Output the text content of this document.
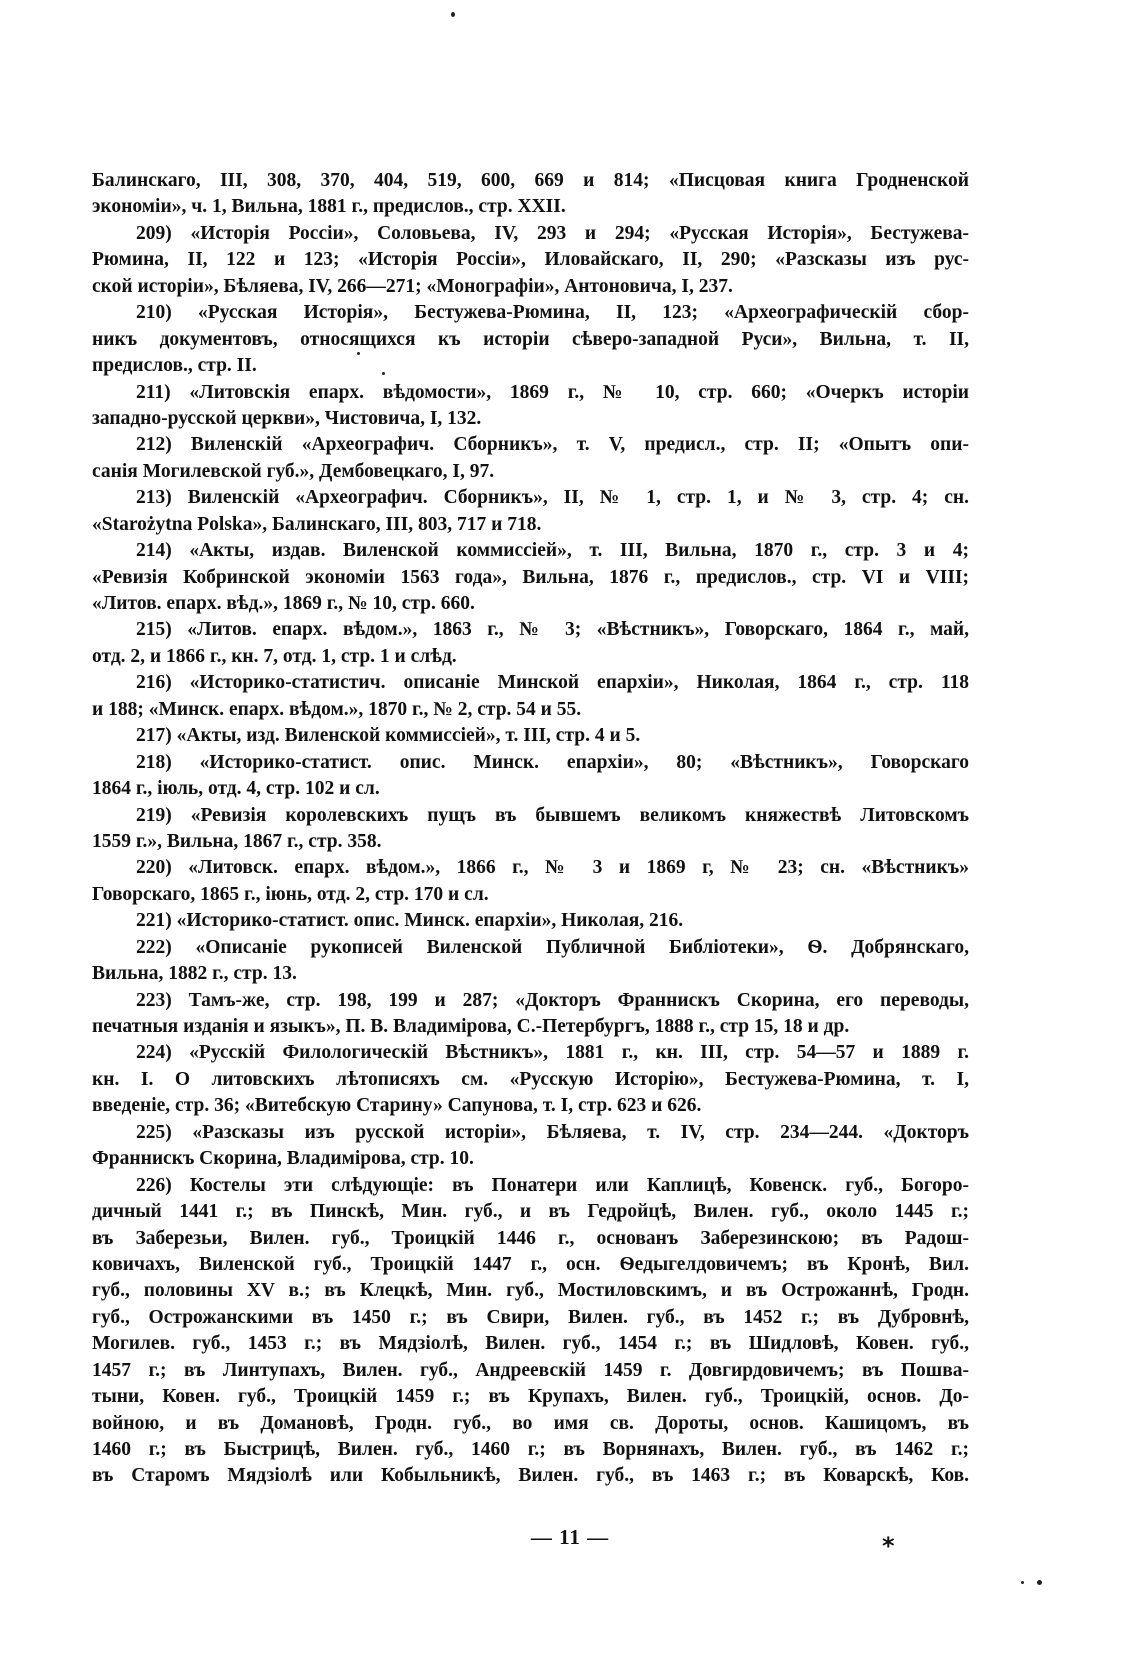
Балинскаго, III, 308, 370, 404, 519, 600, 669 и 814; «Писцовая книга Гродненской
экономіи», ч. 1, Вильна, 1881 г., предислов., стр. XXII.
209) «Исторія Россіи», Соловьева, IV, 293 и 294; «Русская Исторія», Бестужева-
Рюмина, II, 122 и 123; «Исторія Россіи», Иловайскаго, II, 290; «Разсказы изъ рус-
ской исторіи», Бѣляева, IV, 266—271; «Монографіи», Антоновича, I, 237.
210) «Русская Исторія», Бестужева-Рюмина, II, 123; «Археографическій сбор-
никъ документовъ, относящихся къ исторіи сѣверо-западной Руси», Вильна, т. II,
предислов., стр. II.
211) «Литовскія епарх. вѣдомости», 1869 г., № 10, стр. 660; «Очеркъ исторіи
западно-русской церкви», Чистовича, I, 132.
212) Виленскій «Археографич. Сборникъ», т. V, предисл., стр. II; «Опытъ опи-
санія Могилевской губ.», Дембовецкаго, I, 97.
213) Виленскій «Археографич. Сборникъ», II, № 1, стр. 1, и № 3, стр. 4; сн.
«Starożytna Polska», Балинскаго, III, 803, 717 и 718.
214) «Акты, издав. Виленской коммиссіей», т. III, Вильна, 1870 г., стр. 3 и 4;
«Ревизія Кобринской экономіи 1563 года», Вильна, 1876 г., предислов., стр. VI и VIII;
«Литов. епарх. вѣд.», 1869 г., № 10, стр. 660.
215) «Литов. епарх. вѣдом.», 1863 г., № 3; «Вѣстникъ», Говорскаго, 1864 г., май,
отд. 2, и 1866 г., кн. 7, отд. 1, стр. 1 и слѣд.
216) «Историко-статистич. описаніе Минской епархіи», Николая, 1864 г., стр. 118
и 188; «Минск. епарх. вѣдом.», 1870 г., № 2, стр. 54 и 55.
217) «Акты, изд. Виленской коммиссіей», т. III, стр. 4 и 5.
218) «Историко-статист. опис. Минск. епархіи», 80; «Вѣстникъ», Говорскаго
1864 г., іюль, отд. 4, стр. 102 и сл.
219) «Ревизія королевскихъ пущъ въ бывшемъ великомъ княжествѣ Литовскомъ
1559 г.», Вильна, 1867 г., стр. 358.
220) «Литовск. епарх. вѣдом.», 1866 г., № 3 и 1869 г, № 23; сн. «Вѣстникъ»
Говорскаго, 1865 г., іюнь, отд. 2, стр. 170 и сл.
221) «Историко-статист. опис. Минск. епархіи», Николая, 216.
222) «Описаніе рукописей Виленской Публичной Библіотеки», Ѳ. Добрянскаго,
Вильна, 1882 г., стр. 13.
223) Тамъ-же, стр. 198, 199 и 287; «Докторъ Франнискъ Скорина, его переводы,
печатныя изданія и языкъ», П. В. Владимірова, С.-Петербургъ, 1888 г., стр 15, 18 и др.
224) «Русскій Филологическій Вѣстникъ», 1881 г., кн. III, стр. 54—57 и 1889 г.
кн. I. О литовскихъ лѣтописяхъ см. «Русскую Исторію», Бестужева-Рюмина, т. I,
введеніе, стр. 36; «Витебскую Старину» Сапунова, т. I, стр. 623 и 626.
225) «Разсказы изъ русской исторіи», Бѣляева, т. IV, стр. 234—244. «Докторъ
Франнискъ Скорина, Владимірова, стр. 10.
226) Костелы эти слѣдующіе: въ Понатери или Каплицѣ, Ковенск. губ., Богоро-
дичный 1441 г.; въ Пинскѣ, Мин. губ., и въ Гедройцѣ, Вилен. губ., около 1445 г.;
въ Заберезьи, Вилен. губ., Троицкій 1446 г., основанъ Заберезинскою; въ Радош-
ковичахъ, Виленской губ., Троицкій 1447 г., осн. Ѳедыгелдовичемъ; въ Кронѣ, Вил.
губ., половины XV в.; въ Клецкѣ, Мин. губ., Мостиловскимъ, и въ Острожаннѣ, Гродн.
губ., Острожанскими въ 1450 г.; въ Свири, Вилен. губ., въ 1452 г.; въ Дубровнѣ,
Могилев. губ., 1453 г.; въ Мядзіолѣ, Вилен. губ., 1454 г.; въ Шидловѣ, Ковен. губ.,
1457 г.; въ Линтупахъ, Вилен. губ., Андреевскій 1459 г. Довгирдовичемъ; въ Пошва-
тыни, Ковен. губ., Троицкій 1459 г.; въ Крупахъ, Вилен. губ., Троицкій, основ. До-
войною, и въ Домановѣ, Гродн. губ., во имя св. Дороты, основ. Кашицомъ, въ
1460 г.; въ Быстрицѣ, Вилен. губ., 1460 г.; въ Ворнянахъ, Вилен. губ., въ 1462 г.;
въ Старомъ Мядзіолѣ или Кобыльникѣ, Вилен. губ., въ 1463 г.; въ Коварскѣ, Ков.
— 11 —	*
